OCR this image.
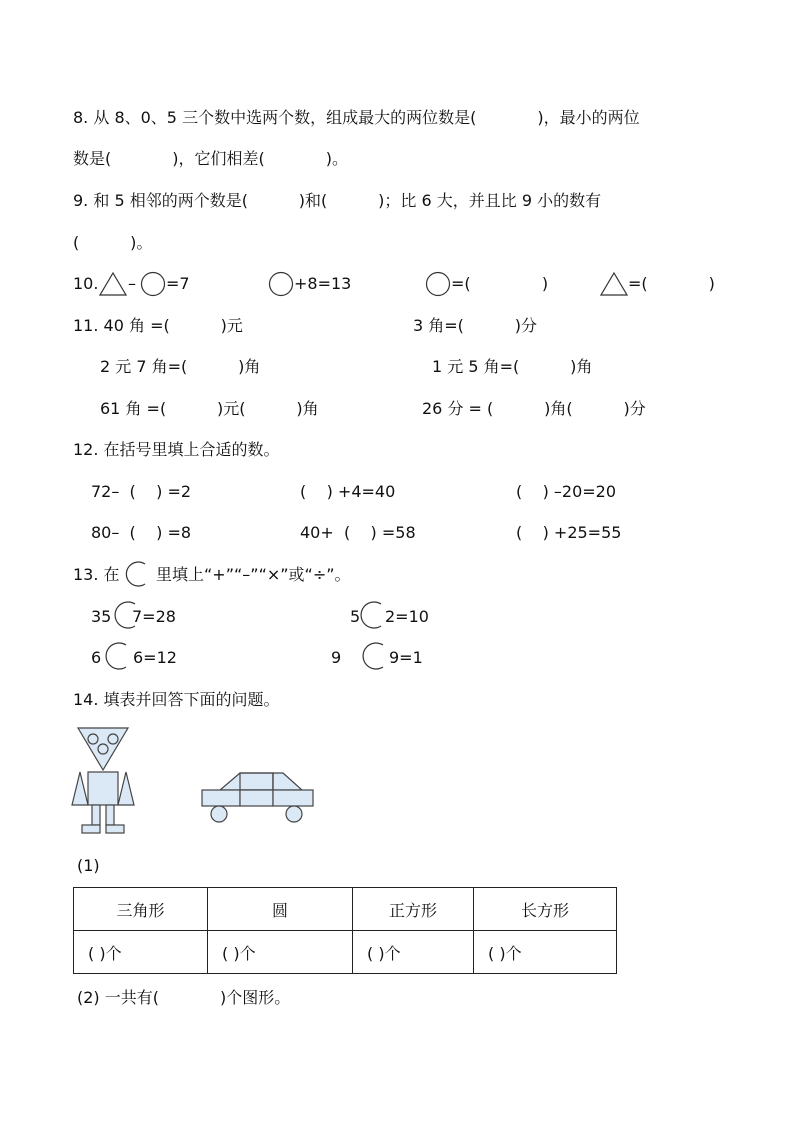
8. 从 8、0、5 三个数中选两个数，组成最大的两位数是(            )，最小的两位
数是(            )，它们相差(            )。
9. 和 5 相邻的两个数是(          )和(          )；比 6 大，并且比 9 小的数有
(          )。
10. – =7	+8=13	=(              )	=(            )
11. 40 角 =(          )元	3 角=(          )分
2 元 7 角=(          )角	1 元 5 角=(          )角
61 角 =(          )元(          )角	26 分 = (          )角(          )分
12. 在括号里填上合适的数。
72–  (    ) =2	(    ) +4=40	(    ) –20=20
80–  (    ) =8	40+  (    ) =58	(    ) +25=55
13. 在 里填上“+”“–”“×”或“÷”。
35 7=28	5 2=10
6 6=12	9	9=1
14. 填表并回答下面的问题。
(1)
三角形	圆	正方形	长方形
( )个	( )个	( )个	( )个
(2) 一共有(            )个图形。
